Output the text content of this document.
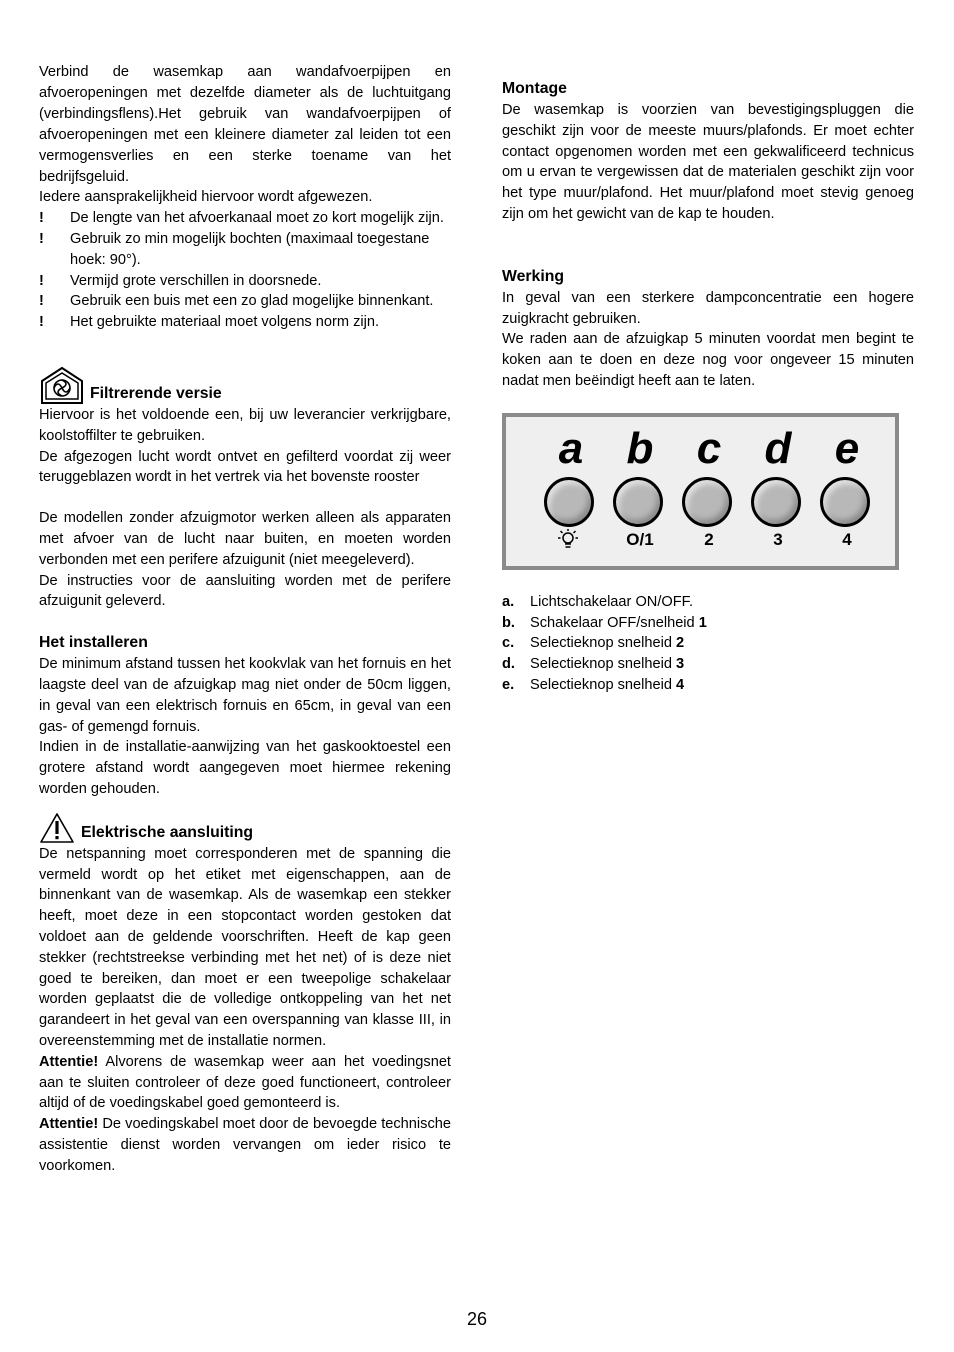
Verbind de wasemkap aan wandafvoerpijpen en afvoeropeningen met dezelfde diameter als de luchtuitgang (verbindingsflens).Het gebruik van wandafvoerpijpen of afvoeropeningen met een kleinere diameter zal leiden tot een vermogensverlies en een sterke toename van het bedrijfsgeluid.

Iedere aansprakelijkheid hiervoor wordt afgewezen.

!	De lengte van het afvoerkanaal moet zo kort mogelijk zijn.
!	Gebruik zo min mogelijk bochten (maximaal toegestane hoek: 90°).
!	Vermijd grote verschillen in doorsnede.
!	Gebruik een buis met een zo glad mogelijke binnenkant.
!	Het gebruikte materiaal moet volgens norm zijn.
Filtrerende versie

Hiervoor is het voldoende een, bij uw leverancier verkrijgbare, koolstoffilter te gebruiken.

De afgezogen lucht wordt ontvet en gefilterd voordat zij weer teruggeblazen wordt in het vertrek via het bovenste rooster

De modellen zonder afzuigmotor werken alleen als apparaten met afvoer van de lucht naar buiten, en moeten worden verbonden met een perifere afzuigunit (niet meegeleverd).

De instructies voor de aansluiting worden met de perifere afzuigunit geleverd.

Het installeren

De minimum afstand tussen het kookvlak van het fornuis en het laagste deel van de afzuigkap mag niet onder de 50cm liggen, in geval van een elektrisch fornuis en 65cm, in geval van een gas- of gemengd fornuis.

Indien in de installatie-aanwijzing van het gaskooktoestel een grotere afstand wordt aangegeven moet hiermee rekening worden gehouden.

Elektrische aansluiting

De netspanning moet corresponderen met de spanning die vermeld wordt op het etiket met eigenschappen, aan de binnenkant van de wasemkap. Als de wasemkap een stekker heeft, moet deze in een stopcontact worden gestoken dat voldoet aan de geldende voorschriften. Heeft de kap geen stekker (rechtstreekse verbinding met het net) of is deze niet goed te bereiken, dan moet er een tweepolige schakelaar worden geplaatst die de volledige ontkoppeling van het net garandeert in het geval van een overspanning van klasse III, in overeenstemming met de installatie normen.

Attentie! Alvorens de wasemkap weer aan het voedingsnet aan te sluiten controleer of deze goed functioneert, controleer altijd of de voedingskabel goed gemonteerd is.

Attentie! De voedingskabel moet door de bevoegde technische assistentie dienst worden vervangen om ieder risico te voorkomen.

Montage

De wasemkap is voorzien van bevestigingspluggen die geschikt zijn voor de meeste muurs/plafonds. Er moet echter contact opgenomen worden met een gekwalificeerd technicus om u ervan te vergewissen dat de materialen geschikt zijn voor het type muur/plafond. Het muur/plafond moet stevig genoeg zijn om het gewicht van de kap te houden.

Werking

In geval van een sterkere dampconcentratie een hogere zuigkracht gebruiken.

We raden aan de afzuigkap 5 minuten voordat men begint te koken aan te doen en deze nog voor ongeveer 15 minuten nadat men beëindigt heeft aan te laten.

a b c d e
O/1	2	3	4
a.	Lichtschakelaar ON/OFF.
b.	Schakelaar OFF/snelheid 1
c.	Selectieknop snelheid 2
d.	Selectieknop snelheid 3
e.	Selectieknop snelheid 4
26
